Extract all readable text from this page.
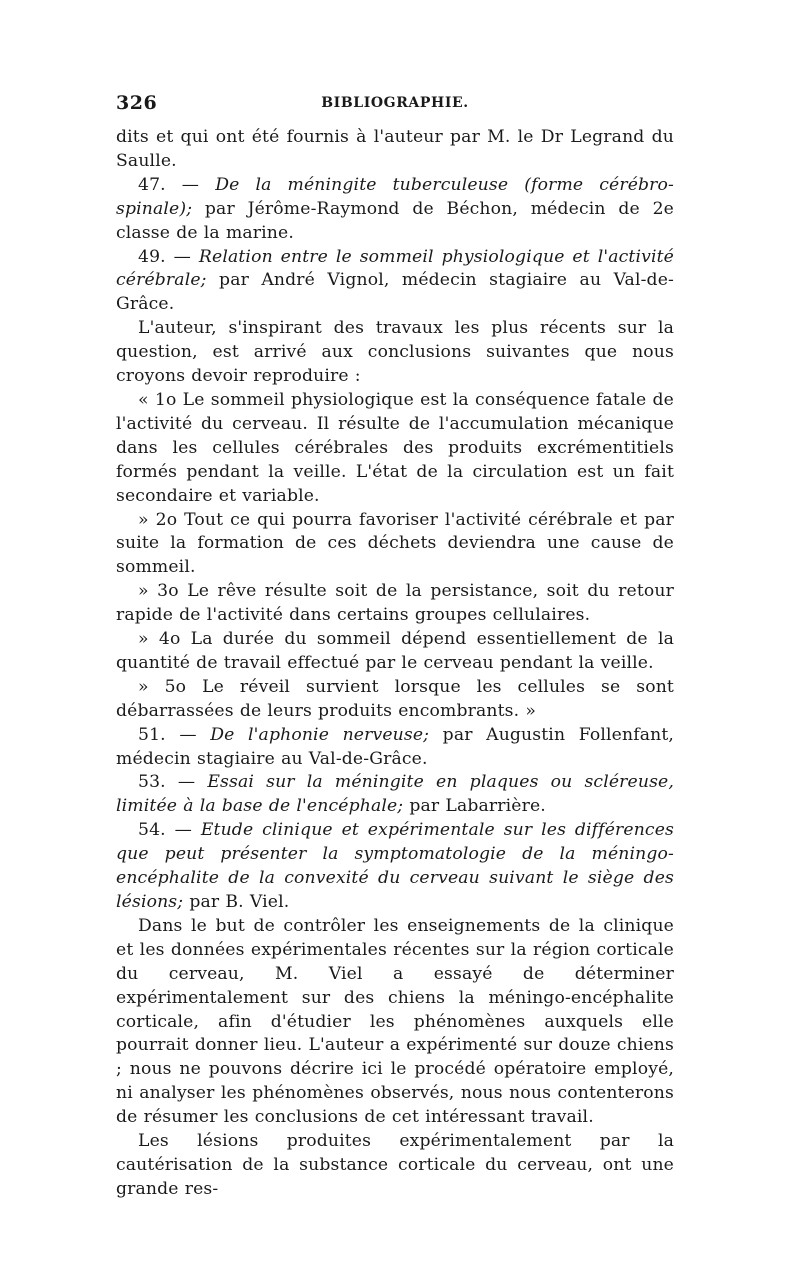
326	BIBLIOGRAPHIE.

dits et qui ont été fournis à l'auteur par M. le Dr Legrand du Saulle.

47. — De la méningite tuberculeuse (forme cérébro-spinale); par Jérôme-Raymond de Béchon, médecin de 2e classe de la marine.

49. — Relation entre le sommeil physiologique et l'activité cérébrale; par André Vignol, médecin stagiaire au Val-de-Grâce.

L'auteur, s'inspirant des travaux les plus récents sur la question, est arrivé aux conclusions suivantes que nous croyons devoir reproduire :

« 1o Le sommeil physiologique est la conséquence fatale de l'activité du cerveau. Il résulte de l'accumulation mécanique dans les cellules cérébrales des produits excrémentitiels formés pendant la veille. L'état de la circulation est un fait secondaire et variable.

» 2o Tout ce qui pourra favoriser l'activité cérébrale et par suite la formation de ces déchets deviendra une cause de sommeil.

» 3o Le rêve résulte soit de la persistance, soit du retour rapide de l'activité dans certains groupes cellulaires.

» 4o La durée du sommeil dépend essentiellement de la quantité de travail effectué par le cerveau pendant la veille.

» 5o Le réveil survient lorsque les cellules se sont débarrassées de leurs produits encombrants. »

51. — De l'aphonie nerveuse; par Augustin Follenfant, médecin stagiaire au Val-de-Grâce.

53. — Essai sur la méningite en plaques ou scléreuse, limitée à la base de l'encéphale; par Labarrière.

54. — Etude clinique et expérimentale sur les différences que peut présenter la symptomatologie de la méningo-encéphalite de la convexité du cerveau suivant le siège des lésions; par B. Viel.

Dans le but de contrôler les enseignements de la clinique et les données expérimentales récentes sur la région corticale du cerveau, M. Viel a essayé de déterminer expérimentalement sur des chiens la méningo-encéphalite corticale, afin d'étudier les phénomènes auxquels elle pourrait donner lieu. L'auteur a expérimenté sur douze chiens ; nous ne pouvons décrire ici le procédé opératoire employé, ni analyser les phénomènes observés, nous nous contenterons de résumer les conclusions de cet intéressant travail.

Les lésions produites expérimentalement par la cautérisation de la substance corticale du cerveau, ont une grande res-
